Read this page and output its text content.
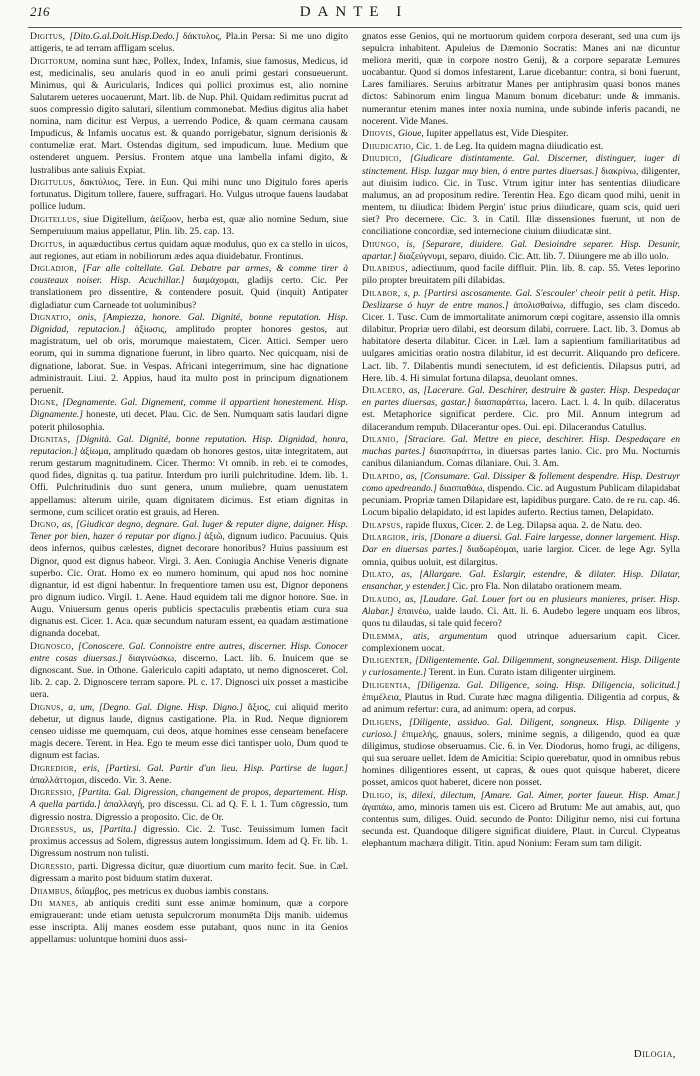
216	DANTE I

Digitus, [Dito.G.al.Doit.Hisp.Dedo.] δάκτυλος, Pla.in Persa: Si me uno digito attigeris, te ad terram affligam scelus.

Digitorum, nomina sunt hæc, Pollex, Index, Infamis, siue famosus, Medicus, id est, medicinalis, seu anularis quod in eo anuli primi gestari consueuerunt. Minimus, qui & Auricularis, Indices qui pollici proximus est, alio nomine Salutarem ueteres uocauerunt, Mart. lib. de Nup. Phil. Quidam redimitus pucrat ad suos compressio digito salutari, silentium commonebat. Medius digitus alia habet nomina, nam dicitur est Verpus, a uerrendo Podice, & quam cermana causam Impudicus, & Infamis uocatus est. & quando porrigebatur, signum derisionis & contumeliæ erat. Mart. Ostendas digitum, sed impudicum. Iuue. Medium que ostenderet unguem. Persius. Frontem atque una lambella infami digito, & lustralibus ante saliuis Expiat.

Digitulus, δακτύλιος, Tere. in Eun. Qui mihi nunc uno Digitulo fores aperis fortunatus. Digitum tollere, fauere, suffragari. Ho. Vulgus utroque fauens laudabat pollice ludum.

Digitellus, siue Digitellum, ἀείζωον, herba est, quæ alio nomine Sedum, siue Semperuiuum maius appellatur, Plin. lib. 25. cap. 13.

Digitus, in aquæductibus certus quidam aquæ modulus, quo ex ca stello in uicos, aut regiones, aut etiam in nobiliorum ædes aqua diuidebatur. Frontinus.

Digladior, [Far alle coltellate. Gal. Debatre par armes, & comme tirer à cousteaux noiser. Hisp. Acuchillar.] διαμάχομαι, gladijs certo. Cic. Per translationem pro dissentire, & contendere posuit. Quid (inquit) Antipater digladiatur cum Carneade tot uoluminibus?

Dignatio, onis, [Ampiezza, honore. Gal. Dignité, bonne reputation. Hisp. Dignidad, reputacion.] ἀξίωσις, amplitudo propter honores gestos, aut magistratum, uel ob oris, morumque maiestatem, Cicer. Attici. Semper uero eorum, qui in summa dignatione fuerunt, in libro quarto. Nec quicquam, nisi de dignatione, laborat. Sue. in Vespas. Africani integerrimum, sine hac dignatione administrauit. Liui. 2. Appius, haud ita multo post in principum dignationem peruenit.

Digne, [Degnamente. Gal. Dignement, comme il appartient honestement. Hisp. Dignamente.] honeste, uti decet. Plau. Cic. de Sen. Numquam satis laudari digne poterit philosophia.

Dignitas, [Dignità. Gal. Dignité, bonne reputation. Hisp. Dignidad, honra, reputacion.] ἀξίωμα, amplitudo quædam ob honores gestos, uitæ integritatem, aut rerum gestarum magnitudinem. Cicer. Thermo: Vt omnib. in reb. ei te comodes, quod fides, dignitas q. tua patitur. Interdum pro iurili pulchritudine. Idem. lib. 1. Offi. Pulchritudinis duo sunt genera, unum muliebre, quam uenustatem appellamus: alterum uirile, quam dignitatem dicimus. Est etiam dignitas in sermone, cum scilicet oratio est grauis, ad Heren.

Digno, as, [Giudicar degno, degnare. Gal. Iuger & reputer digne, daigner. Hisp. Tener por bien, hazer ó reputar por digno.] ἀξιῶ, dignum iudico. Pacuuius. Quis deos infernos, quibus cælestes, dignet decorare honoribus? Huius passiuum est Dignor, quod est dignus habeor. Virgi. 3. Aen. Coniugia Anchise Veneris dignate superbo. Cic. Orat. Homo ex eo numero hominum, qui apud nos hoc nomine dignantur, id est digni habentur. In frequentiore tamen usu est, Dignor deponens pro dignum iudico. Virgil. 1. Aene. Haud equidem tali me dignor honore. Sue. in Augu. Vniuersum genus operis publicis spectaculis præbentis etiam cura sua dignatus est. Cicer. 1. Aca. quæ secundum naturam essent, ea quadam æstimatione dignanda docebat.

Dignosco, [Conoscere. Gal. Connoistre entre autres, discerner. Hisp. Conocer entre cosas diuersas.] διαγινώσκω, discerno. Lact. lib. 6. Inuicem que se dignoscant. Sue. in Othone. Galericulo capiti adaptato, ut nemo dignosceret. Col. lib. 2. cap. 2. Dignoscere terram sapore. Pl. c. 17. Dignosci uix posset a masticibe uera.

Dignus, a, um, [Degno. Gal. Digne. Hisp. Digno.] ἄξιος, cui aliquid merito debetur, ut dignus laude, dignus castigatione. Pla. in Rud. Neque digniorem censeo uidisse me quemquam, cui deos, atque homines esse censeam benefacere magis decere. Terent. in Hea. Ego te meum esse dici tantisper uolo, Dum quod te dignum est facias.

Digredior, eris, [Partirsi. Gal. Partir d'un lieu. Hisp. Partirse de lugar.] ἀπαλλάττομαι, discedo. Vir. 3. Aene.

Digressio, [Partita. Gal. Digression, changement de propos, departement. Hisp. A quella partida.] ἀπαλλαγή, pro discessu. Ci. ad Q. F. l. 1. Tum cōgressio, tum digressio nostra. Digressio a proposito. Cic. de Or.

Digressus, us, [Partita.] digressio. Cic. 2. Tusc. Teuissimum lumen facit proximus accessus ad Solem, digressus autem longissimum. Idem ad Q. Fr. lib. 1. Digressum nostrum non tulisti.

Digressio, parti. Digressa dicitur, quæ diuortium cum marito fecit. Sue. in Cæl. digressam a marito post biduum statim duxerat.

Diiambus, διΐαμβος, pes metricus ex duobus iambis constans.

Dii manes, ab antiquis crediti sunt esse animæ hominum, quæ a corpore emigrauerant: unde etiam uetusta sepulcrorum monumēta Dijs manib. uidemus esse inscripta. Alij manes eosdem esse putabant, quos nunc in ita Genios appellamus: uoluntque homini duos assi-

gnatos esse Genios, qui ne mortuorum quidem corpora deserant, sed una cum ijs sepulcra inhabitent. Apuleius de Dæmonio Socratis: Manes ani næ dicuntur meliora meriti, quæ in corpore nostro Genij, & a corpore separatæ Lemures uocabantur. Quod si domos infestarent, Larue dicebantur: contra, si boni fuerunt, Lares familiares. Seruius arbitratur Manes per antiphrasim quasi bonos manes dictos: Sabinorum enim lingua Manum bonum dicebatur: unde & immanis. numerantur etenim manes inter noxia numina, unde subinde inferis pacandi, ne nocerent. Vide Manes.

Diiovis, Gioue, Iupiter appellatus est, Vide Diespiter.

Diiudicatio, Cic. 1. de Leg. Ita quidem magna diiudicatio est.

Diiudico, [Giudicare distintamente. Gal. Discerner, distinguer, iuger di stinctement. Hisp. Iuzgar muy bien, ó entre partes diuersas.] διακρίνω, diligenter, aut diuisim iudico. Cic. in Tusc. Vtrum igitur inter has sententias diiudicare malumus, an ad propositum redire. Terentin Hea. Ego dicam quod mihi, uenit in mentem, tu diiudica: Ibidem Pergin' istuc prius diiudicare, quam scis, quid ueri siet? Pro decernere. Cic. 3. in Catil. Illæ dissensiones fuerunt, ut non de conciliatione concordiæ, sed internecione ciuium diiudicatæ sint.

Diiungo, is, [Separare, diuidere. Gal. Desioindre separer. Hisp. Desunir, apartar.] διαζεύγνυμι, separo, diuido. Cic. Att. lib. 7. Diiungere me ab illo uolo.

Dilabidus, adiectiuum, quod facile diffluit. Plin. lib. 8. cap. 55. Vetes leporino pilo propter breuitatem pili dilabidas.

Dilabor, s, p. [Partirsi ascosamente. Gal. S'escouler' cheoir petit à petit. Hisp. Deslizarse ó huyr de entre manos.] ἀπολισθαίνω, diffugio, ses clam discedo. Cicer. 1. Tusc. Cum de immortalitate animorum cœpi cogitare, assensio illa omnis dilabitur. Propriæ uero dilabi, est deorsum dilabi, corruere. Lact. lib. 3. Domus ab habitatore deserta dilabitur. Cicer. in Læl. Iam a sapientium familiaritatibus ad uulgares amicitias oratio nostra dilabitur, id est decurrit. Aliquando pro deficere. Lact. lib. 7. Dilabentis mundi senectutem, id est deficientis. Dilapsus putri, ad Here. lib. 4. Hi simulat fortuna dilapsa, deuolant omnes.

Dilacero, as, [Lacerare. Gal. Deschirer, destruire & gaster. Hisp. Despedaçar en partes diuersas, gastar.] διασπαράττω, lacero. Lact. l. 4. In quib. dilaceratus est. Metaphorice significat perdere. Cic. pro Mil. Annum integrum ad dilacerandum rempub. Dilacerantur opes. Oui. epi. Dilacerandus Catullus.

Dilanio, [Straciare. Gal. Mettre en piece, deschirer. Hisp. Despedaçare en muchas partes.] διασπαράττω, in diuersas partes lanio. Cic. pro Mu. Nocturnis canibus dilaniandum. Comas dilaniare. Oui. 3. Am.

Dilapido, as, [Consumare. Gal. Dissiper & follement despendre. Hisp. Destruyr como apedreando.] διασπαθάω, dispendo. Cic. ad Augustum Publicam dilapidabat pecuniam. Propriæ tamen Dilapidare est, lapidibus purgare. Cato. de re ru. cap. 46. Locum bipalio delapidato, id est lapides auferto. Rectius tamen, Delapidato.

Dilapsus, rapide fluxus, Cicer. 2. de Leg. Dilapsa aqua. 2. de Natu. deo.

Dilargior, iris, [Donare a diuersi. Gal. Faire largesse, donner largement. Hisp. Dar en diuersas partes.] διαδωρέομαι, uarie largior. Cicer. de lege Agr. Sylla omnia, quibus uoluit, est dilargitus.

Dilato, as, [Allargare. Gal. Eslargir, estendre, & dilater. Hisp. Dilatar, ensanchar, y estender.] Cic. pro Fla. Non dilatabo orationem meam.

Dilaudo, as, [Laudare. Gal. Louer fort ou en plusieurs manieres, priser. Hisp. Alabar.] ἐπαινέω, ualde laudo. Ci. Att. li. 6. Audebo legere unquam eos libros, quos tu dilaudas, si tale quid fecero?

Dilemma, atis, argumentum quod utrinque aduersarium capit. Cicer. complexionem uocat.

Diligenter, [Diligentemente. Gal. Diligemment, songneusement. Hisp. Diligente y curiosamente.] Terent. in Eun. Curato istam diligenter uirginem.

Diligentia, [Diligenza. Gal. Diligence, soing. Hisp. Diligencia, solicitud.] ἐπιμέλεια, Plautus in Rud. Curate hæc magna diligentia. Diligentia ad corpus, & ad animum refertur: cura, ad animum: opera, ad corpus.

Diligens, [Diligente, assiduo. Gal. Diligent, songneux. Hisp. Diligente y curioso.] ἐπιμελής, gnauus, solers, minime segnis, a diligendo, quod ea quæ diligimus, studiose obseruamus. Cic. 6. in Ver. Diodorus, homo frugi, ac diligens, qui sua seruare uellet. Idem de Amicitia: Scipio querebatur, quod in omnibus rebus homines diligentiores essent, ut capras, & oues quot quisque haberet, dicere posset, amicos quot haberet, dicere non posset.

Diligo, is, dilexi, dilectum, [Amare. Gal. Aimer, porter faueur. Hisp. Amar.] ἀγαπάω, amo, minoris tamen uis est. Cicero ad Brutum: Me aut amabis, aut, quo contentus sum, diliges. Ouid. secundo de Ponto: Diligitur nemo, nisi cui fortuna secunda est. Quandoque diligere significat diuidere, Plaut. in Curcul. Clypeatus elephantum machæra diligit. Titin. apud Nonium: Feram sum tam diligit.

Dilogia,
